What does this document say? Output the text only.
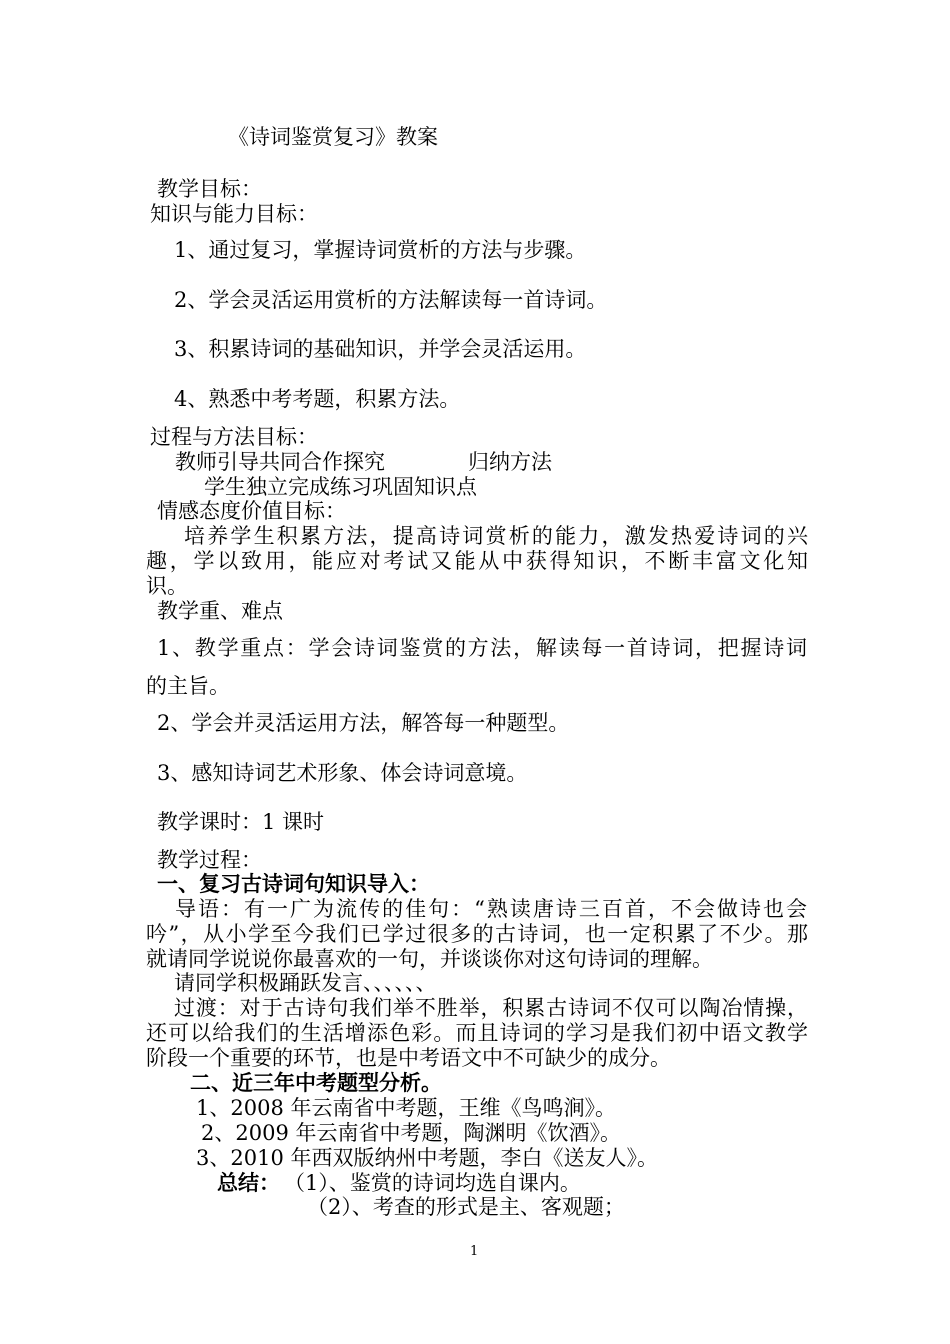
《诗词鉴赏复习》教案
教学目标：
知识与能力目标：
1、通过复习，掌握诗词赏析的方法与步骤。
2、学会灵活运用赏析的方法解读每一首诗词。
3、积累诗词的基础知识，并学会灵活运用。
4、熟悉中考考题，积累方法。
过程与方法目标：
教师引导共同合作探究	归纳方法
学生独立完成练习巩固知识点
情感态度价值目标：
培养学生积累方法，提高诗词赏析的能力，激发热爱诗词的兴
趣，学以致用，能应对考试又能从中获得知识，不断丰富文化知
识。
教学重、难点
1、教学重点：学会诗词鉴赏的方法，解读每一首诗词，把握诗词
的主旨。
2、学会并灵活运用方法，解答每一种题型。
3、感知诗词艺术形象、体会诗词意境。
教学课时：1 课时
教学过程：
一、复习古诗词句知识导入：
导语：有一广为流传的佳句：“熟读唐诗三百首，不会做诗也会
吟”，从小学至今我们已学过很多的古诗词，也一定积累了不少。那
就请同学说说你最喜欢的一句，并谈谈你对这句诗词的理解。
请同学积极踊跃发言、、、、、、
过渡：对于古诗句我们举不胜举，积累古诗词不仅可以陶冶情操，
还可以给我们的生活增添色彩。而且诗词的学习是我们初中语文教学
阶段一个重要的环节，也是中考语文中不可缺少的成分。
二、近三年中考题型分析。
1、2008 年云南省中考题，王维《鸟鸣涧》。
2、2009 年云南省中考题，陶渊明《饮酒》。
3、2010 年西双版纳州中考题，李白《送友人》。
总结： （1）、鉴赏的诗词均选自课内。
（2）、考查的形式是主、客观题；
1
